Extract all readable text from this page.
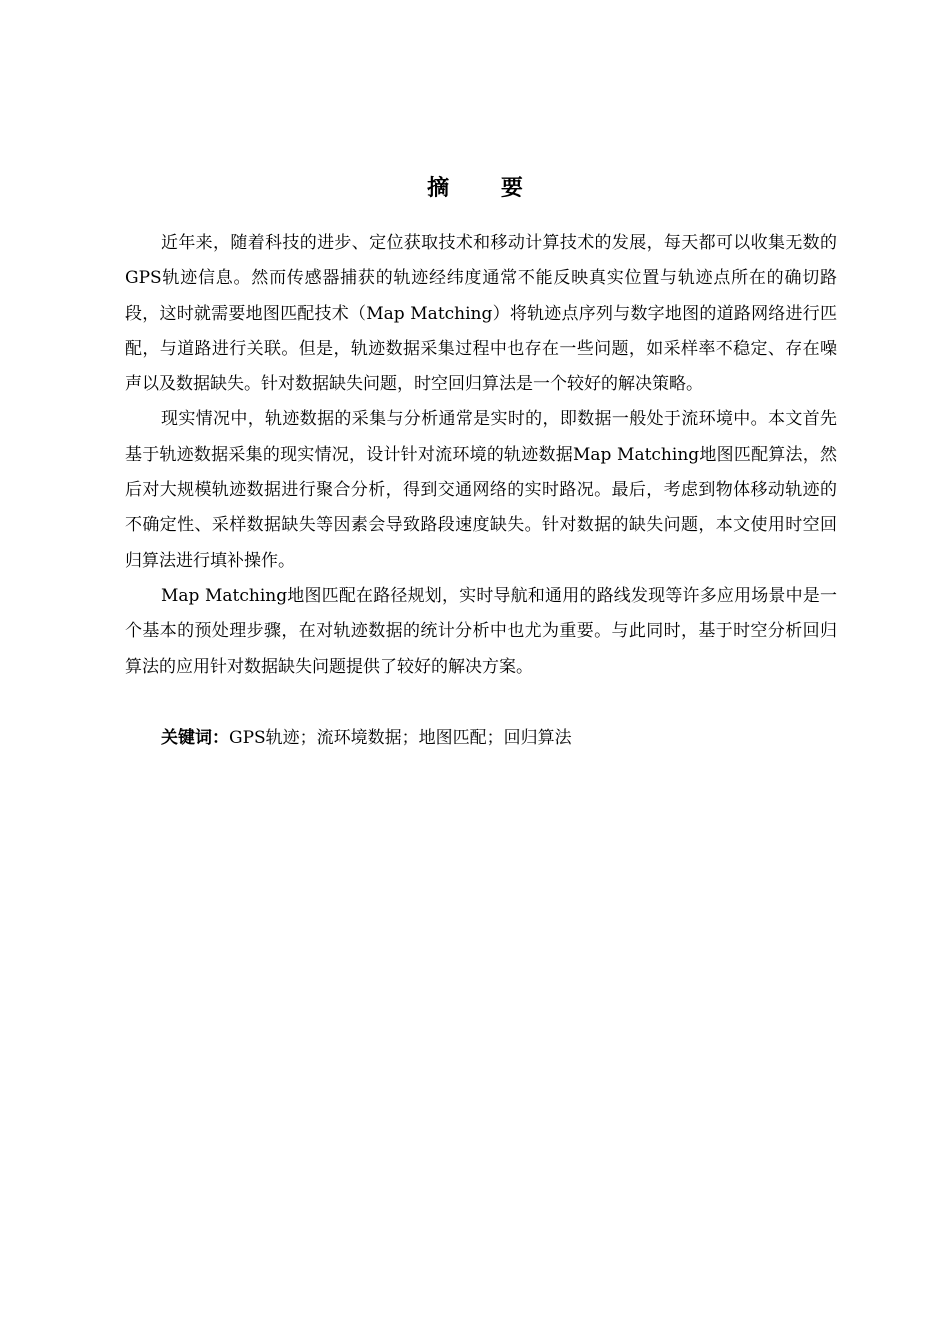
摘 要

近年来，随着科技的进步、定位获取技术和移动计算技术的发展，每天都可以收集无数的GPS轨迹信息。然而传感器捕获的轨迹经纬度通常不能反映真实位置与轨迹点所在的确切路段，这时就需要地图匹配技术（Map Matching）将轨迹点序列与数字地图的道路网络进行匹配，与道路进行关联。但是，轨迹数据采集过程中也存在一些问题，如采样率不稳定、存在噪声以及数据缺失。针对数据缺失问题，时空回归算法是一个较好的解决策略。

现实情况中，轨迹数据的采集与分析通常是实时的，即数据一般处于流环境中。本文首先基于轨迹数据采集的现实情况，设计针对流环境的轨迹数据Map Matching地图匹配算法，然后对大规模轨迹数据进行聚合分析，得到交通网络的实时路况。最后，考虑到物体移动轨迹的不确定性、采样数据缺失等因素会导致路段速度缺失。针对数据的缺失问题，本文使用时空回归算法进行填补操作。

Map Matching地图匹配在路径规划，实时导航和通用的路线发现等许多应用场景中是一个基本的预处理步骤，在对轨迹数据的统计分析中也尤为重要。与此同时，基于时空分析回归算法的应用针对数据缺失问题提供了较好的解决方案。

关键词：GPS轨迹；流环境数据；地图匹配；回归算法
